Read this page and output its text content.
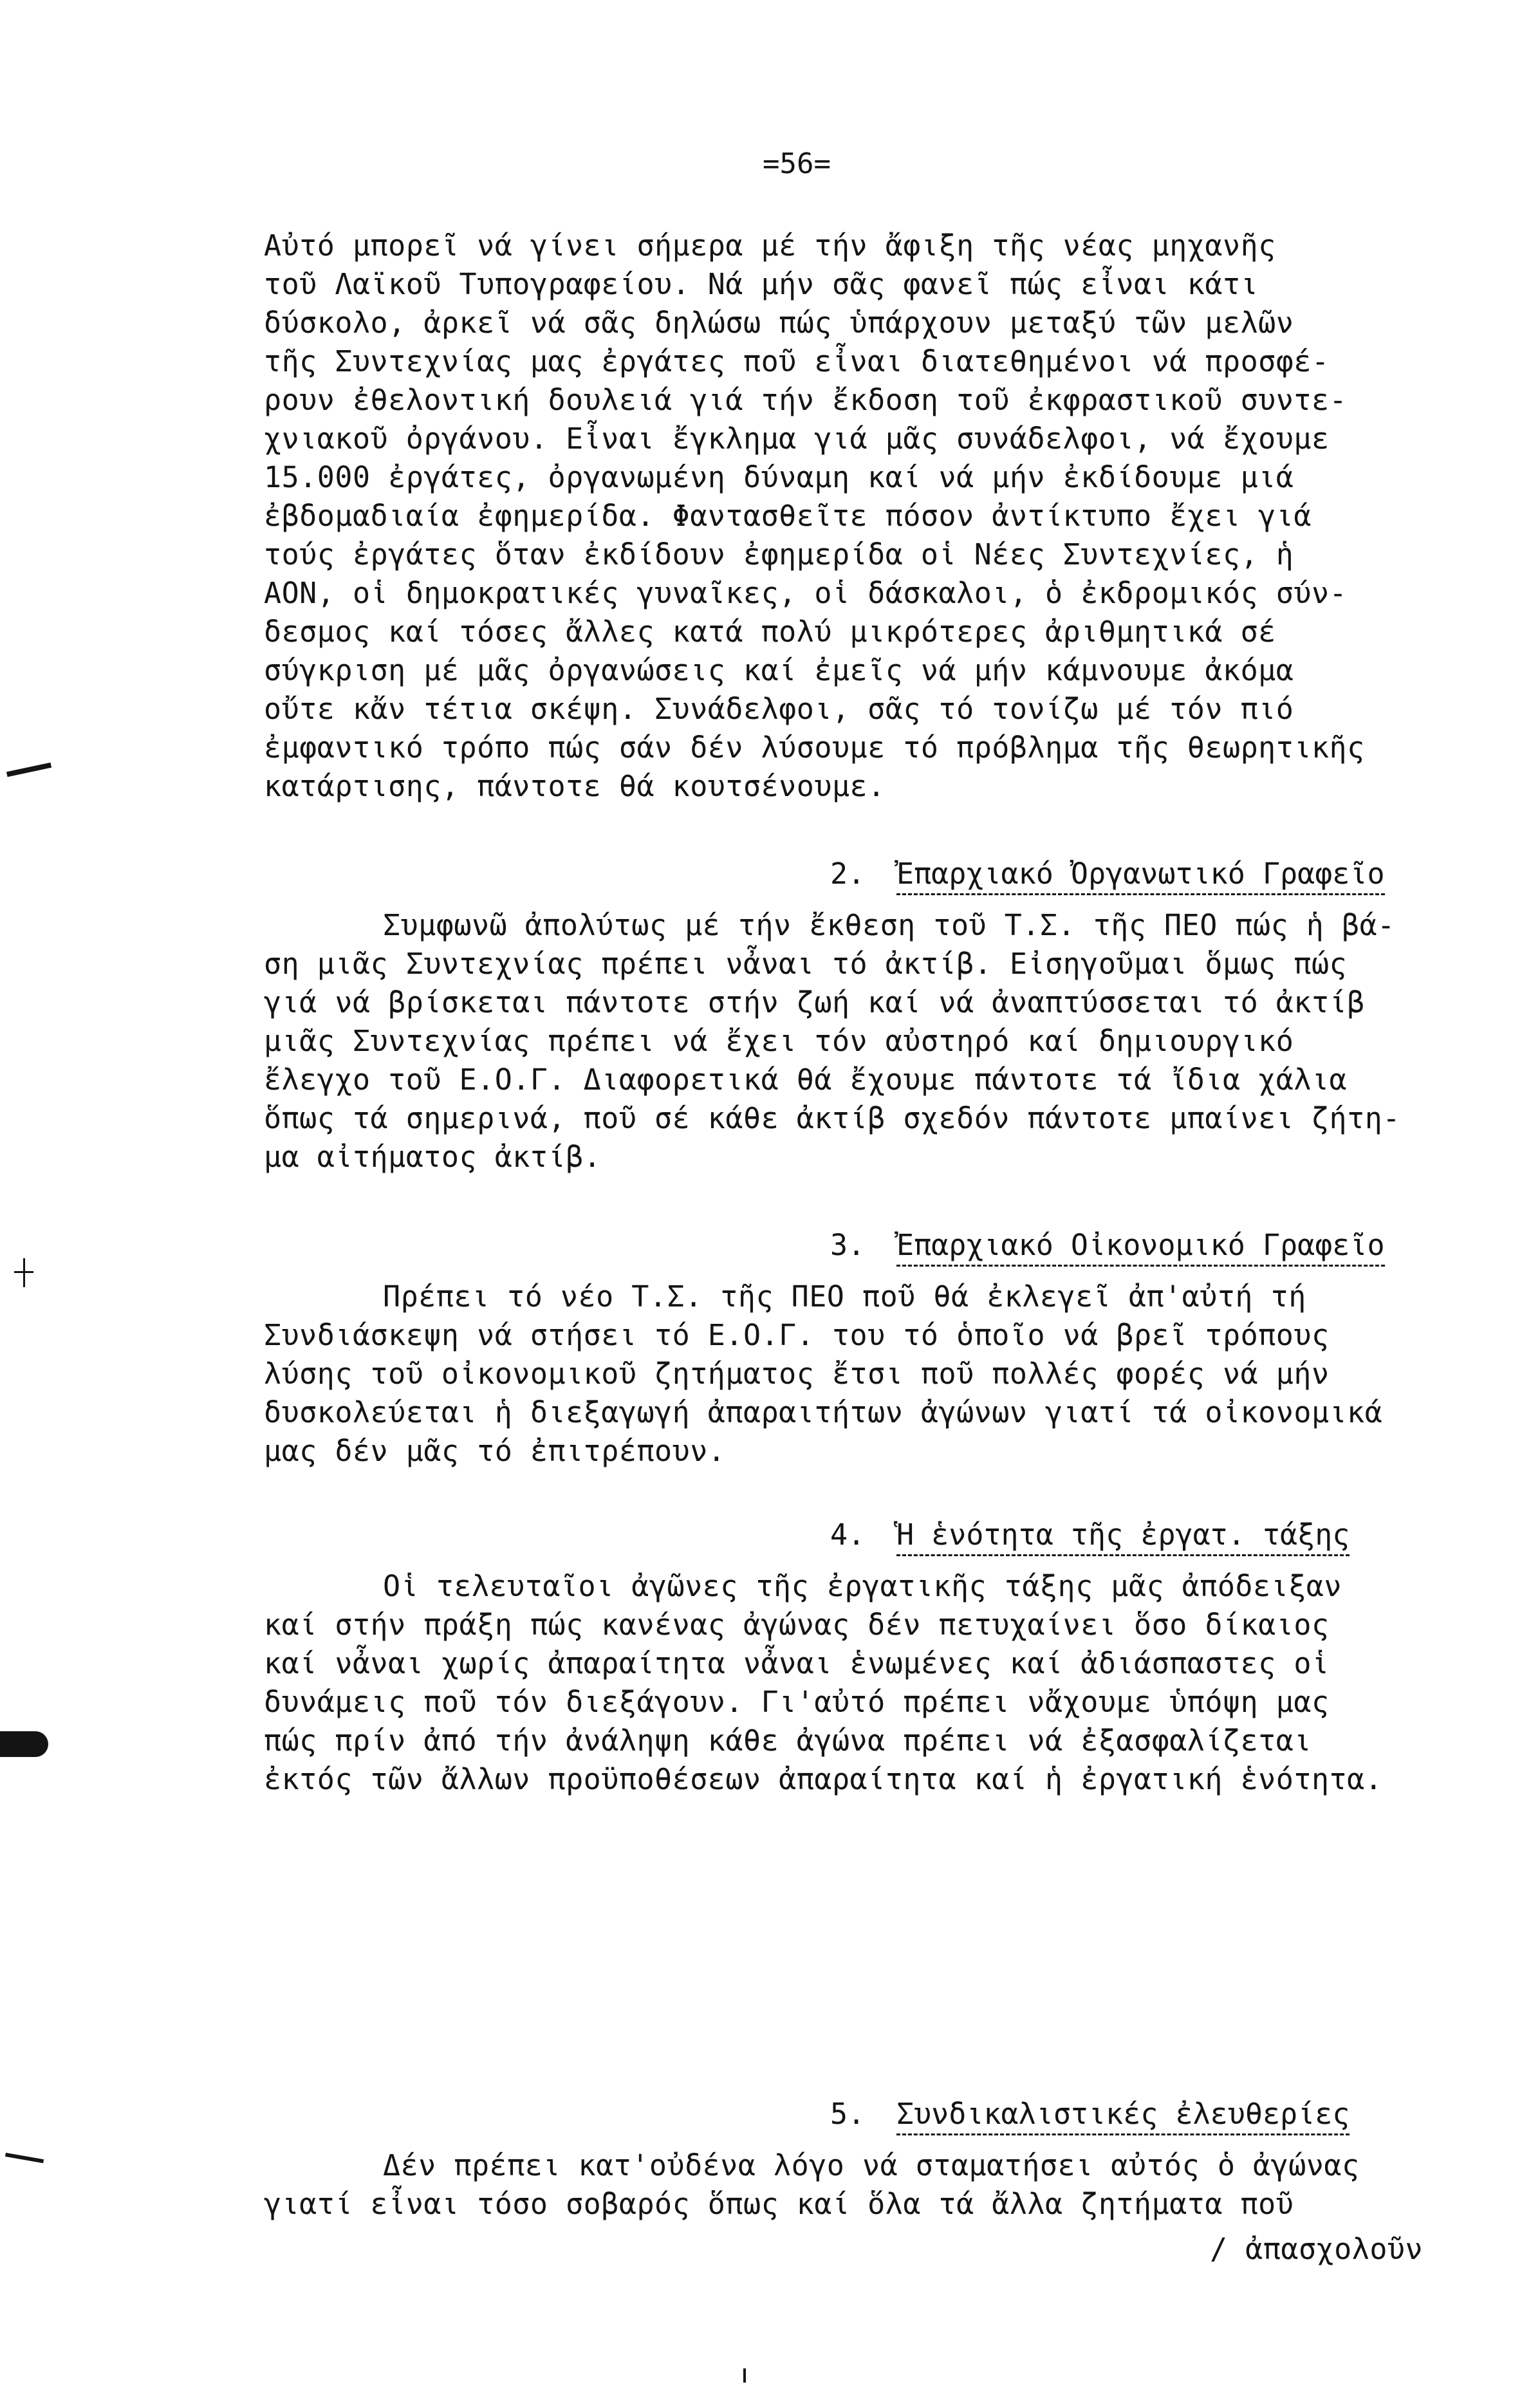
=56=
Αὐτό μπορεῖ νά γίνει σήμερα μέ τήν ἄφιξη τῆς νέας μηχανῆς
τοῦ Λαϊκοῦ Τυπογραφείου. Νά μήν σᾶς φανεῖ πώς εἶναι κάτι
δύσκολο, ἀρκεῖ νά σᾶς δηλώσω πώς ὑπάρχουν μεταξύ τῶν μελῶν
τῆς Συντεχνίας μας ἐργάτες ποῦ εἶναι διατεθημένοι νά προσφέ-
ρουν ἐθελοντική δουλειά γιά τήν ἔκδοση τοῦ ἐκφραστικοῦ συντε-
χνιακοῦ ὀργάνου. Εἶναι ἔγκλημα γιά μᾶς συνάδελφοι, νά ἔχουμε
15.000 ἐργάτες, ὀργανωμένη δύναμη καί νά μήν ἐκδίδουμε μιά
ἐβδομαδιαία ἐφημερίδα. Φαντασθεῖτε πόσον ἀντίκτυπο ἔχει γιά
τούς ἐργάτες ὅταν ἐκδίδουν ἐφημερίδα οἱ Νέες Συντεχνίες, ἡ
ΑΟΝ, οἱ δημοκρατικές γυναῖκες, οἱ δάσκαλοι, ὁ ἐκδρομικός σύν-
δεσμος καί τόσες ἄλλες κατά πολύ μικρότερες ἀριθμητικά σέ
σύγκριση μέ μᾶς ὀργανώσεις καί ἐμεῖς νά μήν κάμνουμε ἀκόμα
οὔτε κἄν τέτια σκέψη. Συνάδελφοι, σᾶς τό τονίζω μέ τόν πιό
ἐμφαντικό τρόπο πώς σάν δέν λύσουμε τό πρόβλημα τῆς θεωρητικῆς
κατάρτισης, πάντοτε θά κουτσένουμε.
2. Ἐπαρχιακό Ὀργανωτικό Γραφεῖο
Συμφωνῶ ἀπολύτως μέ τήν ἔκθεση τοῦ Τ.Σ. τῆς ΠΕΟ πώς ἡ βά-
ση μιᾶς Συντεχνίας πρέπει νἆναι τό ἀκτίβ. Εἰσηγοῦμαι ὅμως πώς
γιά νά βρίσκεται πάντοτε στήν ζωή καί νά ἀναπτύσσεται τό ἀκτίβ
μιᾶς Συντεχνίας πρέπει νά ἔχει τόν αὐστηρό καί δημιουργικό
ἔλεγχο τοῦ Ε.Ο.Γ. Διαφορετικά θά ἔχουμε πάντοτε τά ἴδια χάλια
ὅπως τά σημερινά, ποῦ σέ κάθε ἀκτίβ σχεδόν πάντοτε μπαίνει ζήτη-
μα αἰτήματος ἀκτίβ.
3. Ἐπαρχιακό Οἰκονομικό Γραφεῖο
Πρέπει τό νέο Τ.Σ. τῆς ΠΕΟ ποῦ θά ἐκλεγεῖ ἀπ'αὐτή τή
Συνδιάσκεψη νά στήσει τό Ε.Ο.Γ. του τό ὁποῖο νά βρεῖ τρόπους
λύσης τοῦ οἰκονομικοῦ ζητήματος ἔτσι ποῦ πολλές φορές νά μήν
δυσκολεύεται ἡ διεξαγωγή ἀπαραιτήτων ἀγώνων γιατί τά οἰκονομικά
μας δέν μᾶς τό ἐπιτρέπουν.
4. Ἡ ἑνότητα τῆς ἐργατ. τάξης
Οἱ τελευταῖοι ἀγῶνες τῆς ἐργατικῆς τάξης μᾶς ἀπόδειξαν
καί στήν πράξη πώς κανένας ἀγώνας δέν πετυχαίνει ὅσο δίκαιος
καί νἆναι χωρίς ἀπαραίτητα νἆναι ἑνωμένες καί ἀδιάσπαστες οἱ
δυνάμεις ποῦ τόν διεξάγουν. Γι'αὐτό πρέπει νἄχουμε ὑπόψη μας
πώς πρίν ἀπό τήν ἀνάληψη κάθε ἀγώνα πρέπει νά ἐξασφαλίζεται
ἐκτός τῶν ἄλλων προϋποθέσεων ἀπαραίτητα καί ἡ ἐργατική ἑνότητα.
5. Συνδικαλιστικές ἐλευθερίες
Δέν πρέπει κατ'οὐδένα λόγο νά σταματήσει αὐτός ὁ ἀγώνας
γιατί εἶναι τόσο σοβαρός ὅπως καί ὅλα τά ἄλλα ζητήματα ποῦ
/ ἀπασχολοῦν
